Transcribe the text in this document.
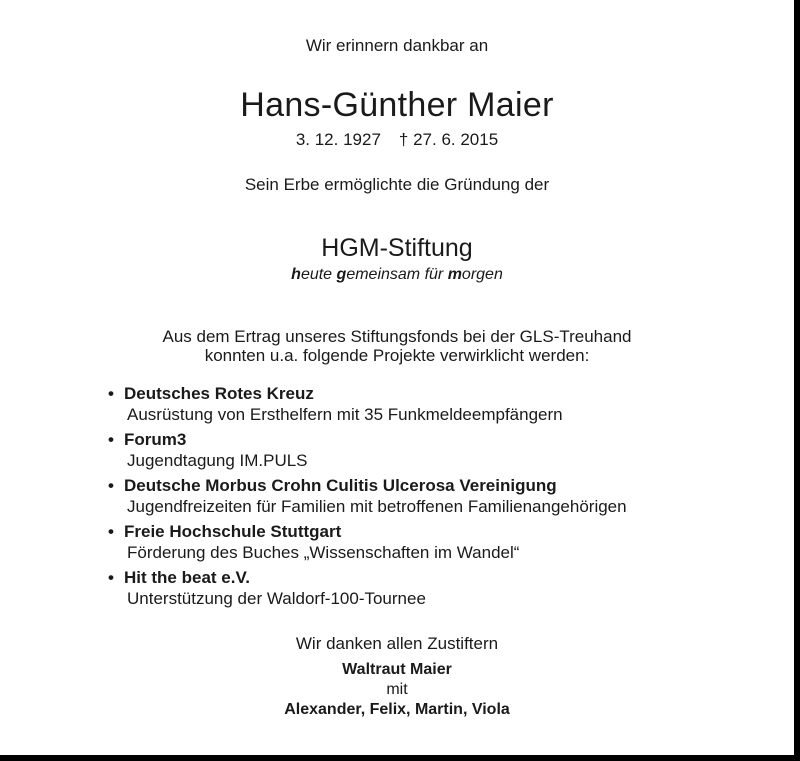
Wir erinnern dankbar an
Hans-Günther Maier
3. 12. 1927 † 27. 6. 2015
Sein Erbe ermöglichte die Gründung der
HGM-Stiftung
heute gemeinsam für morgen
Aus dem Ertrag unseres Stiftungsfonds bei der GLS-Treuhand
konnten u.a. folgende Projekte verwirklicht werden:
• Deutsches Rotes Kreuz
Ausrüstung von Ersthelfern mit 35 Funkmeldeempfängern
• Forum3
Jugendtagung IM.PULS
• Deutsche Morbus Crohn Culitis Ulcerosa Vereinigung
Jugendfreizeiten für Familien mit betroffenen Familienangehörigen
• Freie Hochschule Stuttgart
Förderung des Buches „Wissenschaften im Wandel“
• Hit the beat e.V.
Unterstützung der Waldorf-100-Tournee
Wir danken allen Zustiftern
Waltraut Maier
mit
Alexander, Felix, Martin, Viola
